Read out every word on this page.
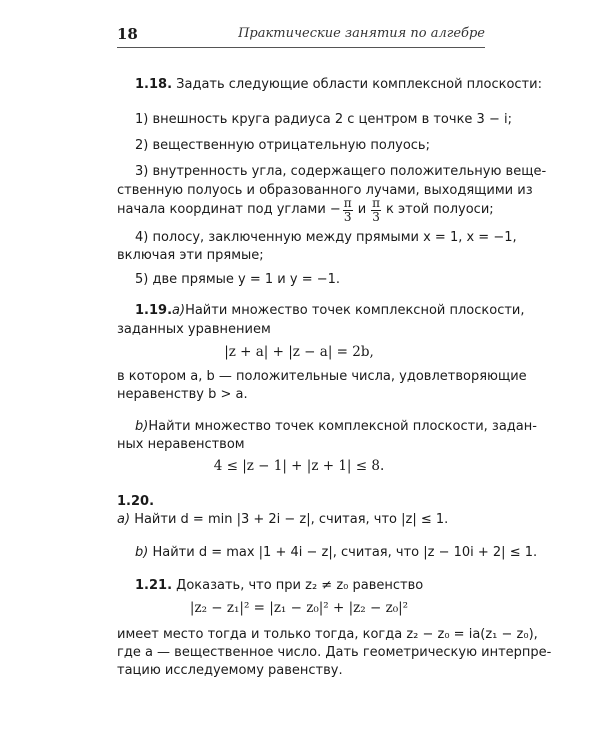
18	Практические занятия по алгебре
1.18. Задать следующие области комплексной плоскости:
1) внешность круга радиуса 2 с центром в точке 3 − i;
2) вещественную отрицательную полуось;
3) внутренность угла, содержащего положительную веще-
ственную полуось и образованного лучами, выходящими из
начала координат под углами − $\frac{\pi}{3}$ и $\frac{\pi}{3}$ к этой полуоси;
4) полосу, заключенную между прямыми x = 1, x = −1,
включая эти прямые;
5) две прямые y = 1 и y = −1.
1.19. a) Найти множество точек комплексной плоскости,
заданных уравнением
|z + a| + |z − a| = 2b,
в котором a, b — положительные числа, удовлетворяющие
неравенству b > a.
b) Найти множество точек комплексной плоскости, задан-
ных неравенством
4 ≤ |z − 1| + |z + 1| ≤ 8.
1.20.
a) Найти d = min |3 + 2i − z|, считая, что |z| ≤ 1.
b) Найти d = max |1 + 4i − z|, считая, что |z − 10i + 2| ≤ 1.
1.21. Доказать, что при z₂ ≠ z₀ равенство
|z₂ − z₁|² = |z₁ − z₀|² + |z₂ − z₀|²
имеет место тогда и только тогда, когда z₂ − z₀ = ia(z₁ − z₀),
где a — вещественное число. Дать геометрическую интерпре-
тацию исследуемому равенству.
